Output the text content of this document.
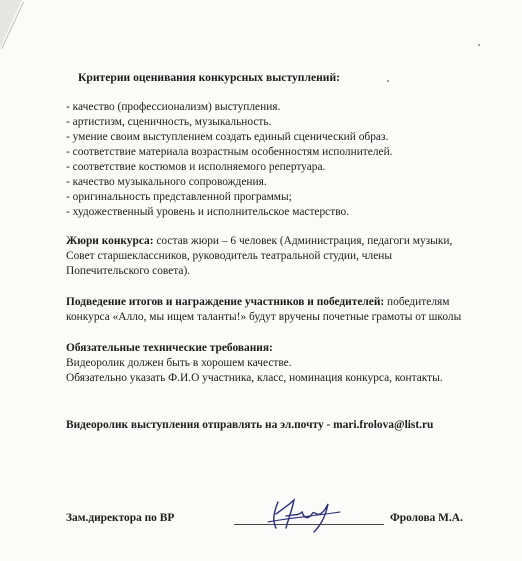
Критерии оценивания конкурсных выступлений:
- качество (профессионализм) выступления.
- артистизм, сценичность, музыкальность.
- умение своим выступлением создать единый сценический образ.
- соответствие материала возрастным особенностям исполнителей.
- соответствие костюмов и исполняемого репертуара.
- качество музыкального сопровождения.
- оригинальность представленной программы;
- художественный уровень и исполнительское мастерство.
Жюри конкурса: состав жюри – 6 человек (Администрация, педагоги музыки,
Совет старшеклассников, руководитель театральной студии, члены
Попечительского совета).
Подведение итогов и награждение участников и победителей: победителям
конкурса «Алло, мы ищем таланты!» будут вручены почетные грамоты от школы
Обязательные технические требования:
Видеоролик должен быть в хорошем качестве.
Обязательно указать Ф.И.О участника, класс, номинация конкурса, контакты.
Видеоролик выступления отправлять на эл.почту - mari.frolova@list.ru
Зам.директора по ВР	Фролова М.А.
